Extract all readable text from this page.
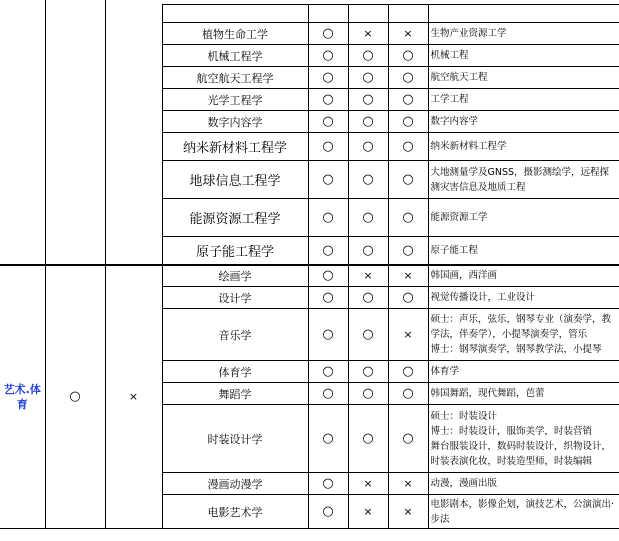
			植物生命工学	○	×	×	生物产业资源工学
			机械工程学	○	○	○	机械工程
			航空航天工程学	○	○	○	航空航天工程
			光学工程学	○	○	○	工学工程
			数字内容学	○	○	○	数字内容学
			纳米新材料工程学	○	○	○	纳米新材料工程学
			地球信息工程学	○	○	○	大地测量学及GNSS，摄影测绘学，远程探测灾害信息及地质工程
			能源资源工程学	○	○	○	能源资源工学
			原子能工程学	○	○	○	原子能工程
艺术.体育	○	×	绘画学	○	×	×	韩国画，西洋画
			设计学	○	○	○	视觉传播设计，工业设计
			音乐学	○	○	×	硕士：声乐，弦乐，钢琴专业（演奏学，教学法，伴奏学），小提琴演奏学，管乐
博士：钢琴演奏学，钢琴教学法，小提琴
			体育学	○	○	○	体育学
			舞蹈学	○	○	○	韩国舞蹈，现代舞蹈，芭蕾
			时装设计学	○	○	○	硕士：时装设计
博士：时装设计，服饰美学，时装营销
舞台服装设计，数码时装设计，织物设计，时装表演化妆，时装造型师，时装编辑
			漫画动漫学	○	×	×	动漫，漫画出版
			电影艺术学	○	×	×	电影剧本，影像企划，演技艺术，公演演出·步法
